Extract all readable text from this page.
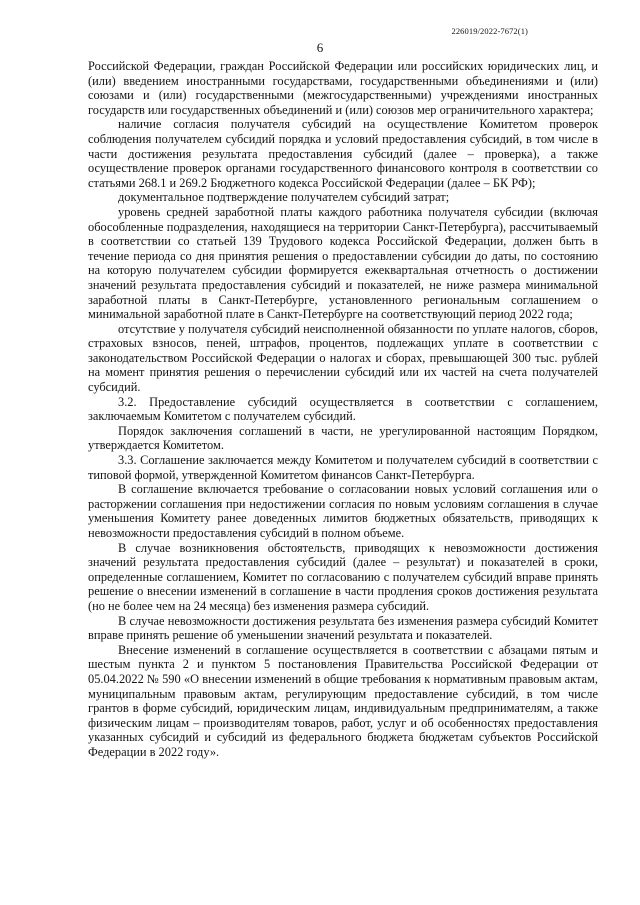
226019/2022-7672(1)
6

Российской Федерации, граждан Российской Федерации или российских юридических лиц, и (или) введением иностранными государствами, государственными объединениями и (или) союзами и (или) государственными (межгосударственными) учреждениями иностранных государств или государственных объединений и (или) союзов мер ограничительного характера;

наличие согласия получателя субсидий на осуществление Комитетом проверок соблюдения получателем субсидий порядка и условий предоставления субсидий, в том числе в части достижения результата предоставления субсидий (далее – проверка), а также осуществление проверок органами государственного финансового контроля в соответствии со статьями 268.1 и 269.2 Бюджетного кодекса Российской Федерации (далее – БК РФ);

документальное подтверждение получателем субсидий затрат;

уровень средней заработной платы каждого работника получателя субсидии (включая обособленные подразделения, находящиеся на территории Санкт-Петербурга), рассчитываемый в соответствии со статьей 139 Трудового кодекса Российской Федерации, должен быть в течение периода со дня принятия решения о предоставлении субсидии до даты, по состоянию на которую получателем субсидии формируется ежеквартальная отчетность о достижении значений результата предоставления субсидий и показателей, не ниже размера минимальной заработной платы в Санкт-Петербурге, установленного региональным соглашением о минимальной заработной плате в Санкт-Петербурге на соответствующий период 2022 года;

отсутствие у получателя субсидий неисполненной обязанности по уплате налогов, сборов, страховых взносов, пеней, штрафов, процентов, подлежащих уплате в соответствии с законодательством Российской Федерации о налогах и сборах, превышающей 300 тыс. рублей на момент принятия решения о перечислении субсидий или их частей на счета получателей субсидий.

3.2. Предоставление субсидий осуществляется в соответствии с соглашением, заключаемым Комитетом с получателем субсидий.

Порядок заключения соглашений в части, не урегулированной настоящим Порядком, утверждается Комитетом.

3.3. Соглашение заключается между Комитетом и получателем субсидий в соответствии с типовой формой, утвержденной Комитетом финансов Санкт-Петербурга.

В соглашение включается требование о согласовании новых условий соглашения или о расторжении соглашения при недостижении согласия по новым условиям соглашения в случае уменьшения Комитету ранее доведенных лимитов бюджетных обязательств, приводящих к невозможности предоставления субсидий в полном объеме.

В случае возникновения обстоятельств, приводящих к невозможности достижения значений результата предоставления субсидий (далее – результат) и показателей в сроки, определенные соглашением, Комитет по согласованию с получателем субсидий вправе принять решение о внесении изменений в соглашение в части продления сроков достижения результата (но не более чем на 24 месяца) без изменения размера субсидий.

В случае невозможности достижения результата без изменения размера субсидий Комитет вправе принять решение об уменьшении значений результата и показателей.

Внесение изменений в соглашение осуществляется в соответствии с абзацами пятым и шестым пункта 2 и пунктом 5 постановления Правительства Российской Федерации от 05.04.2022 № 590 «О внесении изменений в общие требования к нормативным правовым актам, муниципальным правовым актам, регулирующим предоставление субсидий, в том числе грантов в форме субсидий, юридическим лицам, индивидуальным предпринимателям, а также физическим лицам – производителям товаров, работ, услуг и об особенностях предоставления указанных субсидий и субсидий из федерального бюджета бюджетам субъектов Российской Федерации в 2022 году».
